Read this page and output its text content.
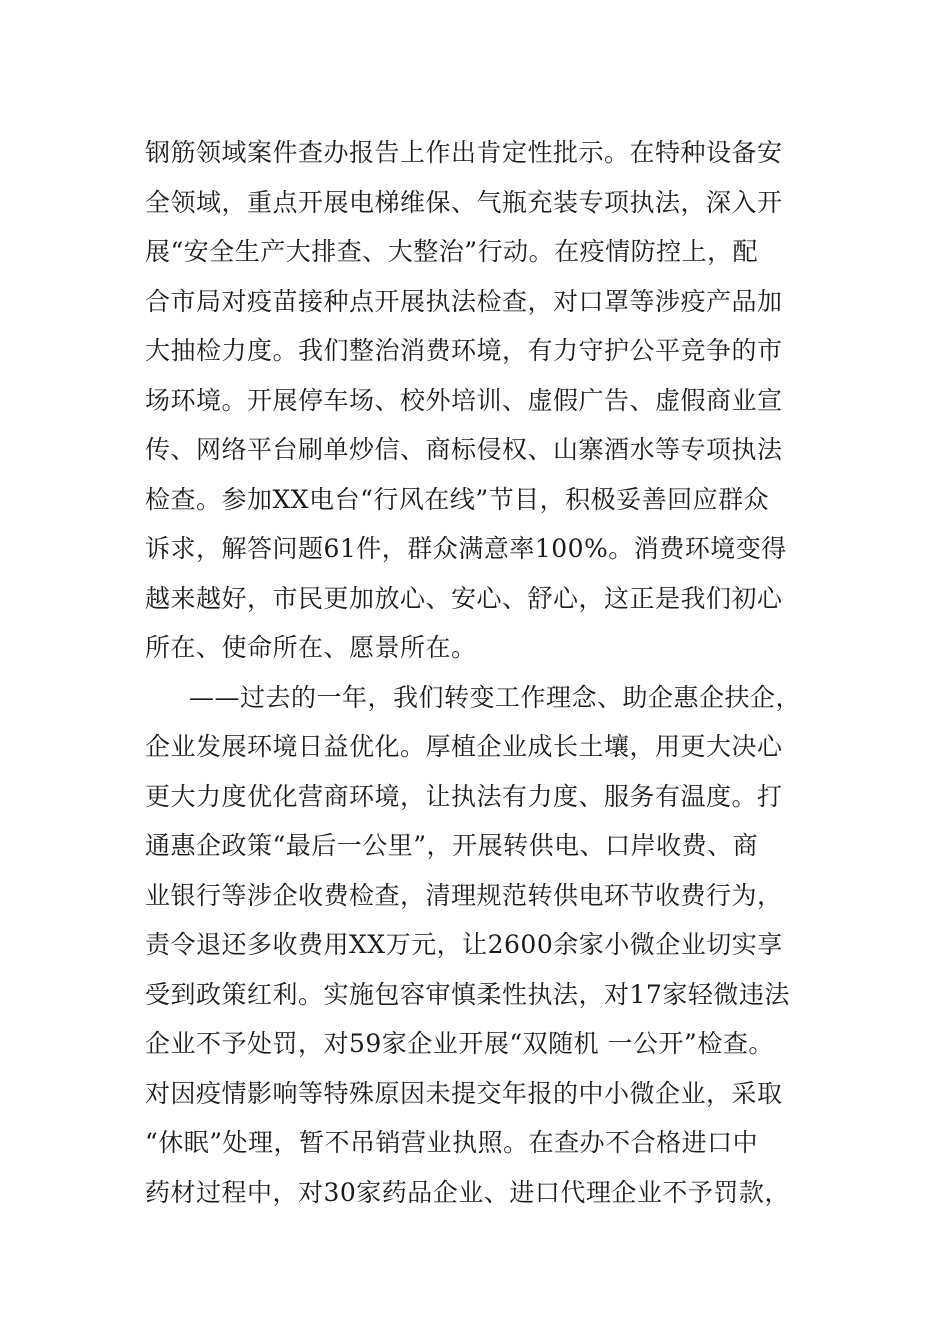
钢筋领域案件查办报告上作出肯定性批示。在特种设备安
全领域，重点开展电梯维保、气瓶充装专项执法，深入开
展“安全生产大排查、大整治”行动。在疫情防控上，配
合市局对疫苗接种点开展执法检查，对口罩等涉疫产品加
大抽检力度。我们整治消费环境，有力守护公平竞争的市
场环境。开展停车场、校外培训、虚假广告、虚假商业宣
传、网络平台刷单炒信、商标侵权、山寨酒水等专项执法
检查。参加XX电台“行风在线”节目，积极妥善回应群众
诉求，解答问题61件，群众满意率100%。消费环境变得
越来越好，市民更加放心、安心、舒心，这正是我们初心
所在、使命所在、愿景所在。
——过去的一年，我们转变工作理念、助企惠企扶企，
企业发展环境日益优化。厚植企业成长土壤，用更大决心
更大力度优化营商环境，让执法有力度、服务有温度。打
通惠企政策“最后一公里”，开展转供电、口岸收费、商
业银行等涉企收费检查，清理规范转供电环节收费行为，
责令退还多收费用XX万元，让2600余家小微企业切实享
受到政策红利。实施包容审慎柔性执法，对17家轻微违法
企业不予处罚，对59家企业开展“双随机 一公开”检查。
对因疫情影响等特殊原因未提交年报的中小微企业，采取
“休眠”处理，暂不吊销营业执照。在查办不合格进口中
药材过程中，对30家药品企业、进口代理企业不予罚款，
